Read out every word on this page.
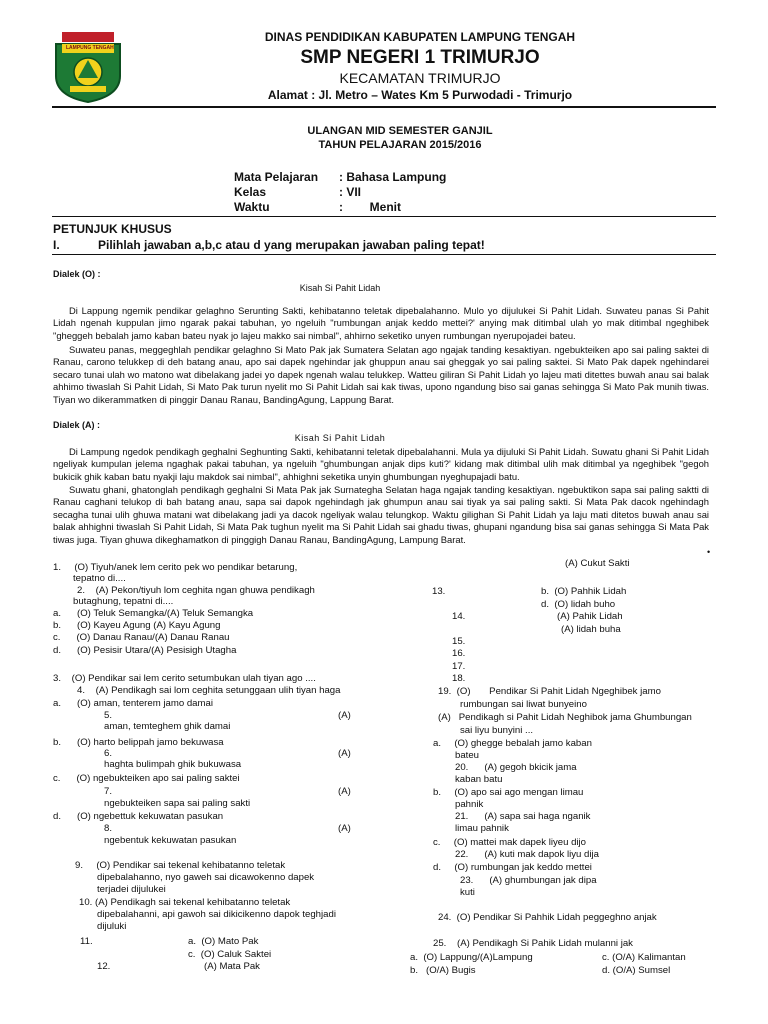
LAMPUNG TENGAH
DINAS PENDIDIKAN KABUPATEN LAMPUNG TENGAH
SMP NEGERI 1 TRIMURJO
KECAMATAN TRIMURJO
Alamat : Jl. Metro – Wates Km 5 Purwodadi - Trimurjo
ULANGAN MID SEMESTER GANJIL
TAHUN PELAJARAN 2015/2016
Mata Pelajaran : Bahasa Lampung
Kelas	: VII
Waktu	:        Menit
PETUNJUK KHUSUS
I.	Pilihlah jawaban a,b,c atau d yang merupakan jawaban paling tepat!
Dialek (O) :
Kisah Si Pahit Lidah
Di Lappung ngemik pendikar gelaghno Serunting Sakti, kehibatanno teletak dipebalahanno. Mulo yo dijulukei Si Pahit Lidah. Suwateu panas Si Pahit Lidah ngenah kuppulan jimo ngarak pakai tabuhan, yo ngeluih "rumbungan anjak keddo mettei?' anying mak ditimbal ulah yo mak ditimbal ngeghibek "gheggeh bebalah jamo kaban bateu nyak jo lajeu makko sai nimbal", ahhirno seketiko unyen rumbungan nyerupojadei bateu.
Suwateu panas, meggeghlah pendikar gelaghno Si Mato Pak jak Sumatera Selatan ago ngajak tanding kesaktiyan. ngebukteiken apo sai paling saktei di Ranau, carono telukkep di deh batang anau, apo sai dapek ngehindar jak ghuppun anau sai gheggak yo sai paling saktei. Si Mato Pak dapek ngehindarei secaro tunai ulah wo matono wat dibelakang jadei yo dapek ngenah walau telukkep. Watteu giliran Si Pahit Lidah yo lajeu mati ditettes buwah anau sai balak ahhimo tiwaslah Si Pahit Lidah, Si Mato Pak turun nyelit mo Si Pahit Lidah sai kak tiwas, upono ngandung biso sai ganas sehingga Si Mato Pak munih tiwas. Tiyan wo dikerammatken di pinggir Danau Ranau, BandingAgung, Lappung Barat.
Dialek (A) :
Kisah Si Pahit Lidah
Di Lampung ngedok pendikagh geghalni Seghunting Sakti, kehibatanni teletak dipebalahanni. Mula ya dijuluki Si Pahit Lidah. Suwatu ghani Si Pahit Lidah ngeliyak kumpulan jelema ngaghak pakai tabuhan, ya ngeluih "ghumbungan anjak dips kuti?' kidang mak ditimbal ulih mak ditimbal ya ngeghibek "gegoh bukicik ghik kaban batu nyakji laju makdok sai nimbal", ahhighni seketika unyin ghumbungan nyeghupajadi batu.
Suwatu ghani, ghatonglah pendikagh geghalni Si Mata Pak jak Surnategha Selatan haga ngajak tanding kesaktiyan. ngebuktikon sapa sai paling saktti di Ranau caghani telukop di bah batang anau, sapa sai dapok ngehindagh jak ghumpun anau sai tiyak ya sai paling sakti. Si Mata Pak dacok ngehindagh secagha tunai ulih ghuwa matani wat dibelakang jadi ya dacok ngeliyak walau telungkop. Waktu gilighan Si Pahit Lidah ya laju mati ditetos buwah anau sai balak ahhighni tiwaslah Si Pahit Lidah, Si Mata Pak tughun nyelit ma Si Pahit Lidah sai ghadu tiwas, ghupani ngandung bisa sai ganas sehingga Si Mata Pak tiwas juga. Tiyan ghuwa dikeghamatkon di pinggigh Danau Ranau, BandingAgung, Lampung Barat.
•
1.     (O) Tiyuh/anek lem cerito pek wo pendikar betarung,
tepatno di....
2.    (A) Pekon/tiyuh lom ceghita ngan ghuwa pendikagh
butaghung, tepatni di....
a.      (O) Teluk Semangka/(A) Teluk Semangka
b.      (O) Kayeu Agung (A) Kayu Agung
c.      (O) Danau Ranau/(A) Danau Ranau
d.      (O) Pesisir Utara/(A) Pesisigh Utagha
3.    (O) Pendikar sai lem cerito setumbukan ulah tiyan ago ....
4.    (A) Pendikagh sai lom ceghita setunggaan ulih tiyan haga
a.      (O) aman, tenterem jamo damai
5.	(A)
aman, temteghem ghik damai
b.      (O) harto belippah jamo bekuwasa
6.	(A)
haghta bulimpah ghik bukuwasa
c.      (O) ngebukteiken apo sai paling saktei
7.	(A)
ngebukteiken sapa sai paling sakti
d.      (O) ngebettuk kekuwatan pasukan
8.	(A)
ngebentuk kekuwatan pasukan
9.     (O) Pendikar sai tekenal kehibatanno teletak
dipebalahanno, nyo gaweh sai dicawokenno dapek
terjadei dijulukei
10. (A) Pendikagh sai tekenal kehibatanno teletak
dipebalahanni, api gawoh sai dikicikenno dapok teghjadi
dijuluki
11.	a.  (O) Mato Pak
c.  (O) Caluk Saktei
12.	(A) Mata Pak
(A) Cukut Sakti
13.	b.  (O) Pahhik Lidah
d.  (O) lidah buho
14.	(A) Pahik Lidah
(A) lidah buha
15.
16.
17.
18.
19.  (O)       Pendikar Si Pahit Lidah Ngeghibek jamo
rumbungan sai liwat bunyeino
(A)   Pendikagh si Pahit Lidah Neghibok jama Ghumbungan
sai liyu bunyini ...
a.     (O) ghegge bebalah jamo kaban
bateu
20.      (A) gegoh bkicik jama
kaban batu
b.     (O) apo sai ago mengan limau
pahnik
21.      (A) sapa sai haga nganik
limau pahnik
c.     (O) mattei mak dapek liyeu dijo
22.      (A) kuti mak dapok liyu dija
d.     (O) rumbungan jak keddo mettei
23.      (A) ghumbungan jak dipa
kuti
24.  (O) Pendikar Si Pahhik Lidah peggeghno anjak
25.    (A) Pendikagh Si Pahik Lidah mulanni jak
a.  (O) Lappung/(A)Lampung	c. (O/A) Kalimantan
b.   (O/A) Bugis	d. (O/A) Sumsel
